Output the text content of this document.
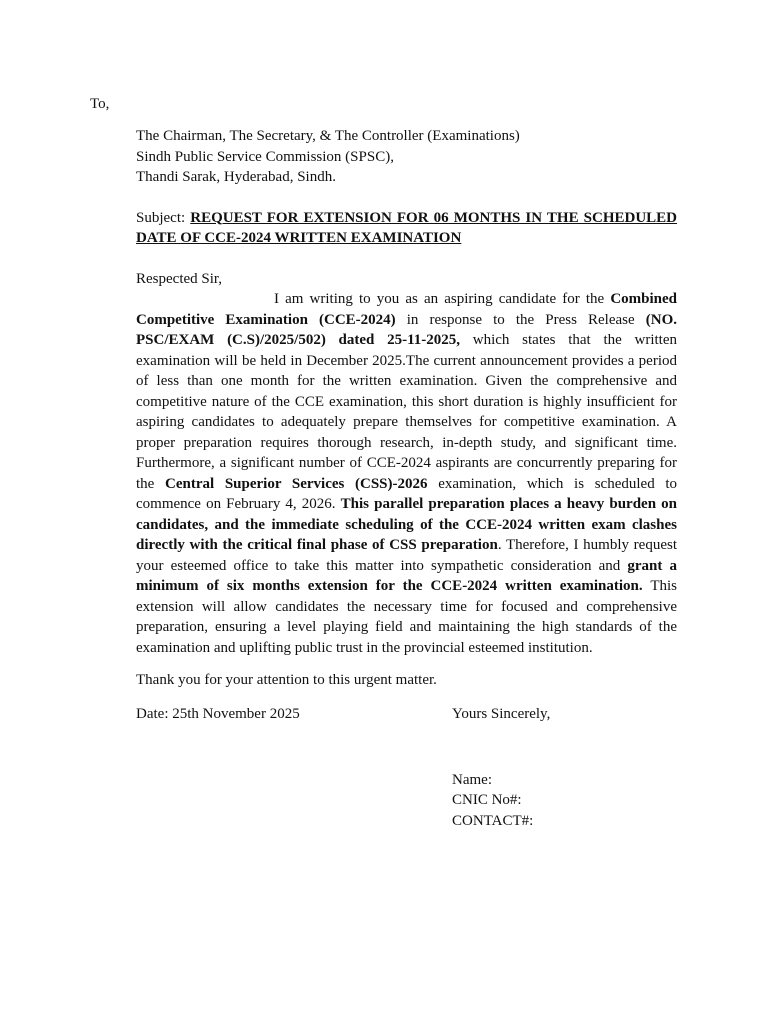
To,
The Chairman, The Secretary, & The Controller (Examinations)
Sindh Public Service Commission (SPSC),
Thandi Sarak, Hyderabad, Sindh.
Subject: REQUEST FOR EXTENSION FOR 06 MONTHS IN THE SCHEDULED DATE OF CCE-2024 WRITTEN EXAMINATION
Respected Sir,
I am writing to you as an aspiring candidate for the Combined Competitive Examination (CCE-2024) in response to the Press Release (NO. PSC/EXAM (C.S)/2025/502) dated 25-11-2025, which states that the written examination will be held in December 2025.The current announcement provides a period of less than one month for the written examination. Given the comprehensive and competitive nature of the CCE examination, this short duration is highly insufficient for aspiring candidates to adequately prepare themselves for competitive examination. A proper preparation requires thorough research, in-depth study, and significant time. Furthermore, a significant number of CCE-2024 aspirants are concurrently preparing for the Central Superior Services (CSS)-2026 examination, which is scheduled to commence on February 4, 2026. This parallel preparation places a heavy burden on candidates, and the immediate scheduling of the CCE-2024 written exam clashes directly with the critical final phase of CSS preparation. Therefore, I humbly request your esteemed office to take this matter into sympathetic consideration and grant a minimum of six months extension for the CCE-2024 written examination. This extension will allow candidates the necessary time for focused and comprehensive preparation, ensuring a level playing field and maintaining the high standards of the examination and uplifting public trust in the provincial esteemed institution.
Thank you for your attention to this urgent matter.
Date: 25th November 2025	Yours Sincerely,
Name:
CNIC No#:
CONTACT#:
